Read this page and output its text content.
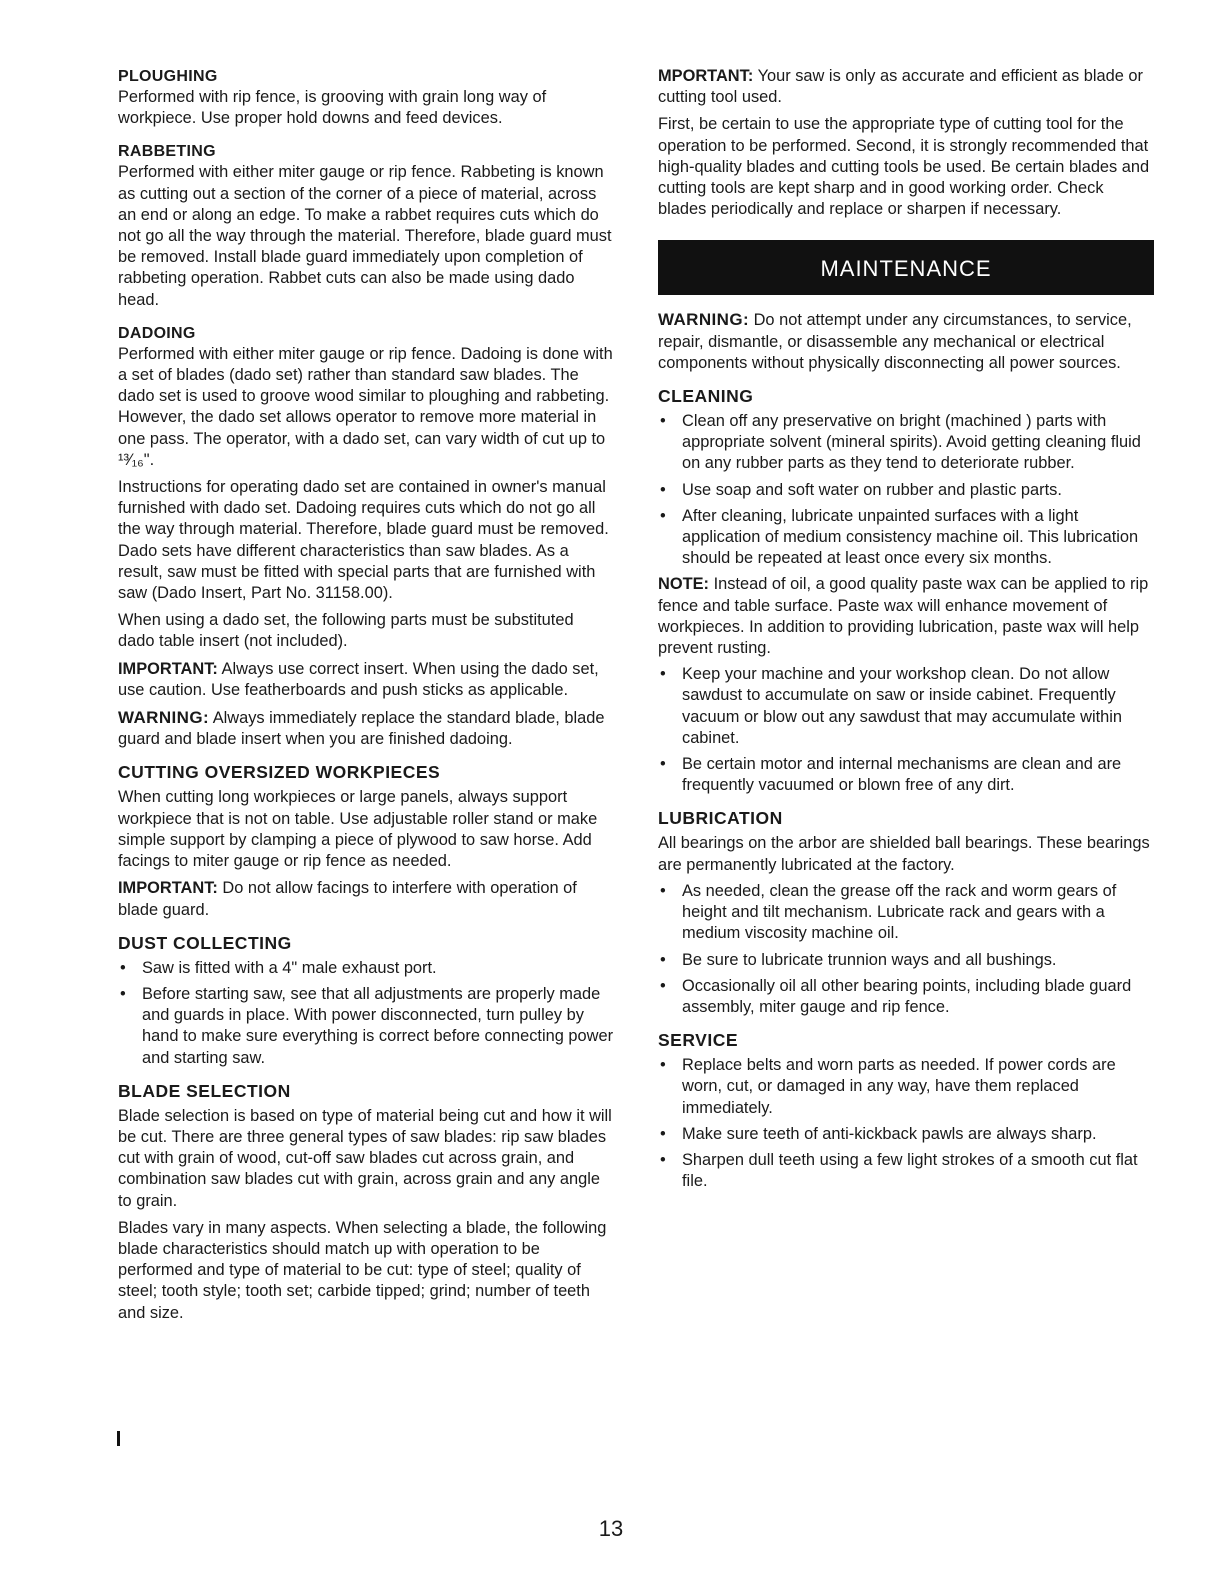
PLOUGHING

Performed with rip fence, is grooving with grain long way of workpiece. Use proper hold downs and feed devices.

RABBETING

Performed with either miter gauge or rip fence. Rabbeting is known as cutting out a section of the corner of a piece of material, across an end or along an edge. To make a rabbet requires cuts which do not go all the way through the material. Therefore, blade guard must be removed. Install blade guard immediately upon completion of rabbeting operation. Rabbet cuts can also be made using dado head.

DADOING

Performed with either miter gauge or rip fence. Dadoing is done with a set of blades (dado set) rather than standard saw blades. The dado set is used to groove wood similar to ploughing and rabbeting. However, the dado set allows operator to remove more material in one pass. The operator, with a dado set, can vary width of cut up to ¹³⁄₁₆".

Instructions for operating dado set are contained in owner's manual furnished with dado set. Dadoing requires cuts which do not go all the way through material. Therefore, blade guard must be removed. Dado sets have different characteristics than saw blades. As a result, saw must be fitted with special parts that are furnished with saw (Dado Insert, Part No. 31158.00).

When using a dado set, the following parts must be substituted dado table insert (not included).

IMPORTANT: Always use correct insert. When using the dado set, use caution. Use featherboards and push sticks as applicable.

WARNING: Always immediately replace the standard blade, blade guard and blade insert when you are finished dadoing.

CUTTING OVERSIZED WORKPIECES

When cutting long workpieces or large panels, always support workpiece that is not on table. Use adjustable roller stand or make simple support by clamping a piece of plywood to saw horse. Add facings to miter gauge or rip fence as needed.

IMPORTANT: Do not allow facings to interfere with operation of blade guard.

DUST COLLECTING
• Saw is fitted with a 4" male exhaust port.
• Before starting saw, see that all adjustments are properly made and guards in place. With power disconnected, turn pulley by hand to make sure everything is correct before connecting power and starting saw.
BLADE SELECTION

Blade selection is based on type of material being cut and how it will be cut. There are three general types of saw blades: rip saw blades cut with grain of wood, cut-off saw blades cut across grain, and combination saw blades cut with grain, across grain and any angle to grain.

Blades vary in many aspects. When selecting a blade, the following blade characteristics should match up with operation to be performed and type of material to be cut: type of steel; quality of steel; tooth style; tooth set; carbide tipped; grind; number of teeth and size.

MPORTANT: Your saw is only as accurate and efficient as blade or cutting tool used.

First, be certain to use the appropriate type of cutting tool for the operation to be performed. Second, it is strongly recommended that high-quality blades and cutting tools be used. Be certain blades and cutting tools are kept sharp and in good working order. Check blades periodically and replace or sharpen if necessary.

MAINTENANCE

WARNING: Do not attempt under any circumstances, to service, repair, dismantle, or disassemble any mechanical or electrical components without physically disconnecting all power sources.

CLEANING
• Clean off any preservative on bright (machined ) parts with appropriate solvent (mineral spirits). Avoid getting cleaning fluid on any rubber parts as they tend to deteriorate rubber.
• Use soap and soft water on rubber and plastic parts.
• After cleaning, lubricate unpainted surfaces with a light application of medium consistency machine oil. This lubrication should be repeated at least once every six months.

NOTE: Instead of oil, a good quality paste wax can be applied to rip fence and table surface. Paste wax will enhance movement of workpieces. In addition to providing lubrication, paste wax will help prevent rusting.

• Keep your machine and your workshop clean. Do not allow sawdust to accumulate on saw or inside cabinet. Frequently vacuum or blow out any sawdust that may accumulate within cabinet.
• Be certain motor and internal mechanisms are clean and are frequently vacuumed or blown free of any dirt.
LUBRICATION

All bearings on the arbor are shielded ball bearings. These bearings are permanently lubricated at the factory.

• As needed, clean the grease off the rack and worm gears of height and tilt mechanism. Lubricate rack and gears with a medium viscosity machine oil.
• Be sure to lubricate trunnion ways and all bushings.
• Occasionally oil all other bearing points, including blade guard assembly, miter gauge and rip fence.
SERVICE
• Replace belts and worn parts as needed. If power cords are worn, cut, or damaged in any way, have them replaced immediately.
• Make sure teeth of anti-kickback pawls are always sharp.
• Sharpen dull teeth using a few light strokes of a smooth cut flat file.
13
